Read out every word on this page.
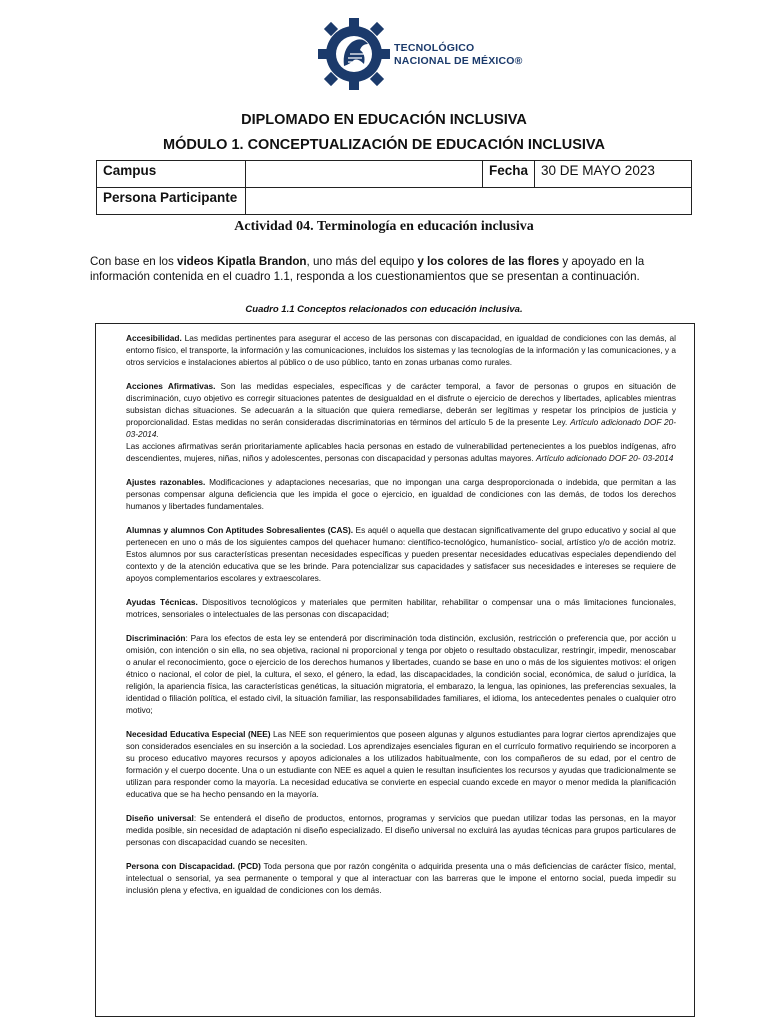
TECNOLÓGICO
NACIONAL DE MÉXICO®
DIPLOMADO EN EDUCACIÓN INCLUSIVA
MÓDULO 1. CONCEPTUALIZACIÓN DE EDUCACIÓN INCLUSIVA
Campus		Fecha	30 DE MAYO 2023
Persona Participante			
Actividad 04. Terminología en educación inclusiva
Con base en los videos Kipatla Brandon, uno más del equipo y los colores de las flores y apoyado en la información contenida en el cuadro 1.1, responda a los cuestionamientos que se presentan a continuación.
Cuadro 1.1 Conceptos relacionados con educación inclusiva.

Accesibilidad. Las medidas pertinentes para asegurar el acceso de las personas con discapacidad, en igualdad de condiciones con las demás, al entorno físico, el transporte, la información y las comunicaciones, incluidos los sistemas y las tecnologías de la información y las comunicaciones, y a otros servicios e instalaciones abiertos al público o de uso público, tanto en zonas urbanas como rurales.

Acciones Afirmativas. Son las medidas especiales, específicas y de carácter temporal, a favor de personas o grupos en situación de discriminación, cuyo objetivo es corregir situaciones patentes de desigualdad en el disfrute o ejercicio de derechos y libertades, aplicables mientras subsistan dichas situaciones. Se adecuarán a la situación que quiera remediarse, deberán ser legítimas y respetar los principios de justicia y proporcionalidad. Estas medidas no serán consideradas discriminatorias en términos del artículo 5 de la presente Ley. Artículo adicionado DOF 20-03-2014.
Las acciones afirmativas serán prioritariamente aplicables hacia personas en estado de vulnerabilidad pertenecientes a los pueblos indígenas, afro descendientes, mujeres, niñas, niños y adolescentes, personas con discapacidad y personas adultas mayores. Artículo adicionado DOF 20- 03-2014

Ajustes razonables. Modificaciones y adaptaciones necesarias, que no impongan una carga desproporcionada o indebida, que permitan a las personas compensar alguna deficiencia que les impida el goce o ejercicio, en igualdad de condiciones con las demás, de todos los derechos humanos y libertades fundamentales.

Alumnas y alumnos Con Aptitudes Sobresalientes (CAS). Es aquél o aquella que destacan significativamente del grupo educativo y social al que pertenecen en uno o más de los siguientes campos del quehacer humano: científico-tecnológico, humanístico- social, artístico y/o de acción motriz. Estos alumnos por sus características presentan necesidades específicas y pueden presentar necesidades educativas especiales dependiendo del contexto y de la atención educativa que se les brinde. Para potencializar sus capacidades y satisfacer sus necesidades e intereses se requiere de apoyos complementarios escolares y extraescolares.

Ayudas Técnicas. Dispositivos tecnológicos y materiales que permiten habilitar, rehabilitar o compensar una o más limitaciones funcionales, motrices, sensoriales o intelectuales de las personas con discapacidad;

Discriminación: Para los efectos de esta ley se entenderá por discriminación toda distinción, exclusión, restricción o preferencia que, por acción u omisión, con intención o sin ella, no sea objetiva, racional ni proporcional y tenga por objeto o resultado obstaculizar, restringir, impedir, menoscabar o anular el reconocimiento, goce o ejercicio de los derechos humanos y libertades, cuando se base en uno o más de los siguientes motivos: el origen étnico o nacional, el color de piel, la cultura, el sexo, el género, la edad, las discapacidades, la condición social, económica, de salud o jurídica, la religión, la apariencia física, las características genéticas, la situación migratoria, el embarazo, la lengua, las opiniones, las preferencias sexuales, la identidad o filiación política, el estado civil, la situación familiar, las responsabilidades familiares, el idioma, los antecedentes penales o cualquier otro motivo;

Necesidad Educativa Especial (NEE) Las NEE son requerimientos que poseen algunas y algunos estudiantes para lograr ciertos aprendizajes que son considerados esenciales en su inserción a la sociedad. Los aprendizajes esenciales figuran en el currículo formativo requiriendo se incorporen a su proceso educativo mayores recursos y apoyos adicionales a los utilizados habitualmente, con los compañeros de su edad, por el centro de formación y el cuerpo docente. Una o un estudiante con NEE es aquel a quien le resultan insuficientes los recursos y ayudas que tradicionalmente se utilizan para responder como la mayoría. La necesidad educativa se convierte en especial cuando excede en mayor o menor medida la planificación educativa que se ha hecho pensando en la mayoría.

Diseño universal: Se entenderá el diseño de productos, entornos, programas y servicios que puedan utilizar todas las personas, en la mayor medida posible, sin necesidad de adaptación ni diseño especializado. El diseño universal no excluirá las ayudas técnicas para grupos particulares de personas con discapacidad cuando se necesiten.

Persona con Discapacidad. (PCD) Toda persona que por razón congénita o adquirida presenta una o más deficiencias de carácter físico, mental, intelectual o sensorial, ya sea permanente o temporal y que al interactuar con las barreras que le impone el entorno social, pueda impedir su inclusión plena y efectiva, en igualdad de condiciones con los demás.
